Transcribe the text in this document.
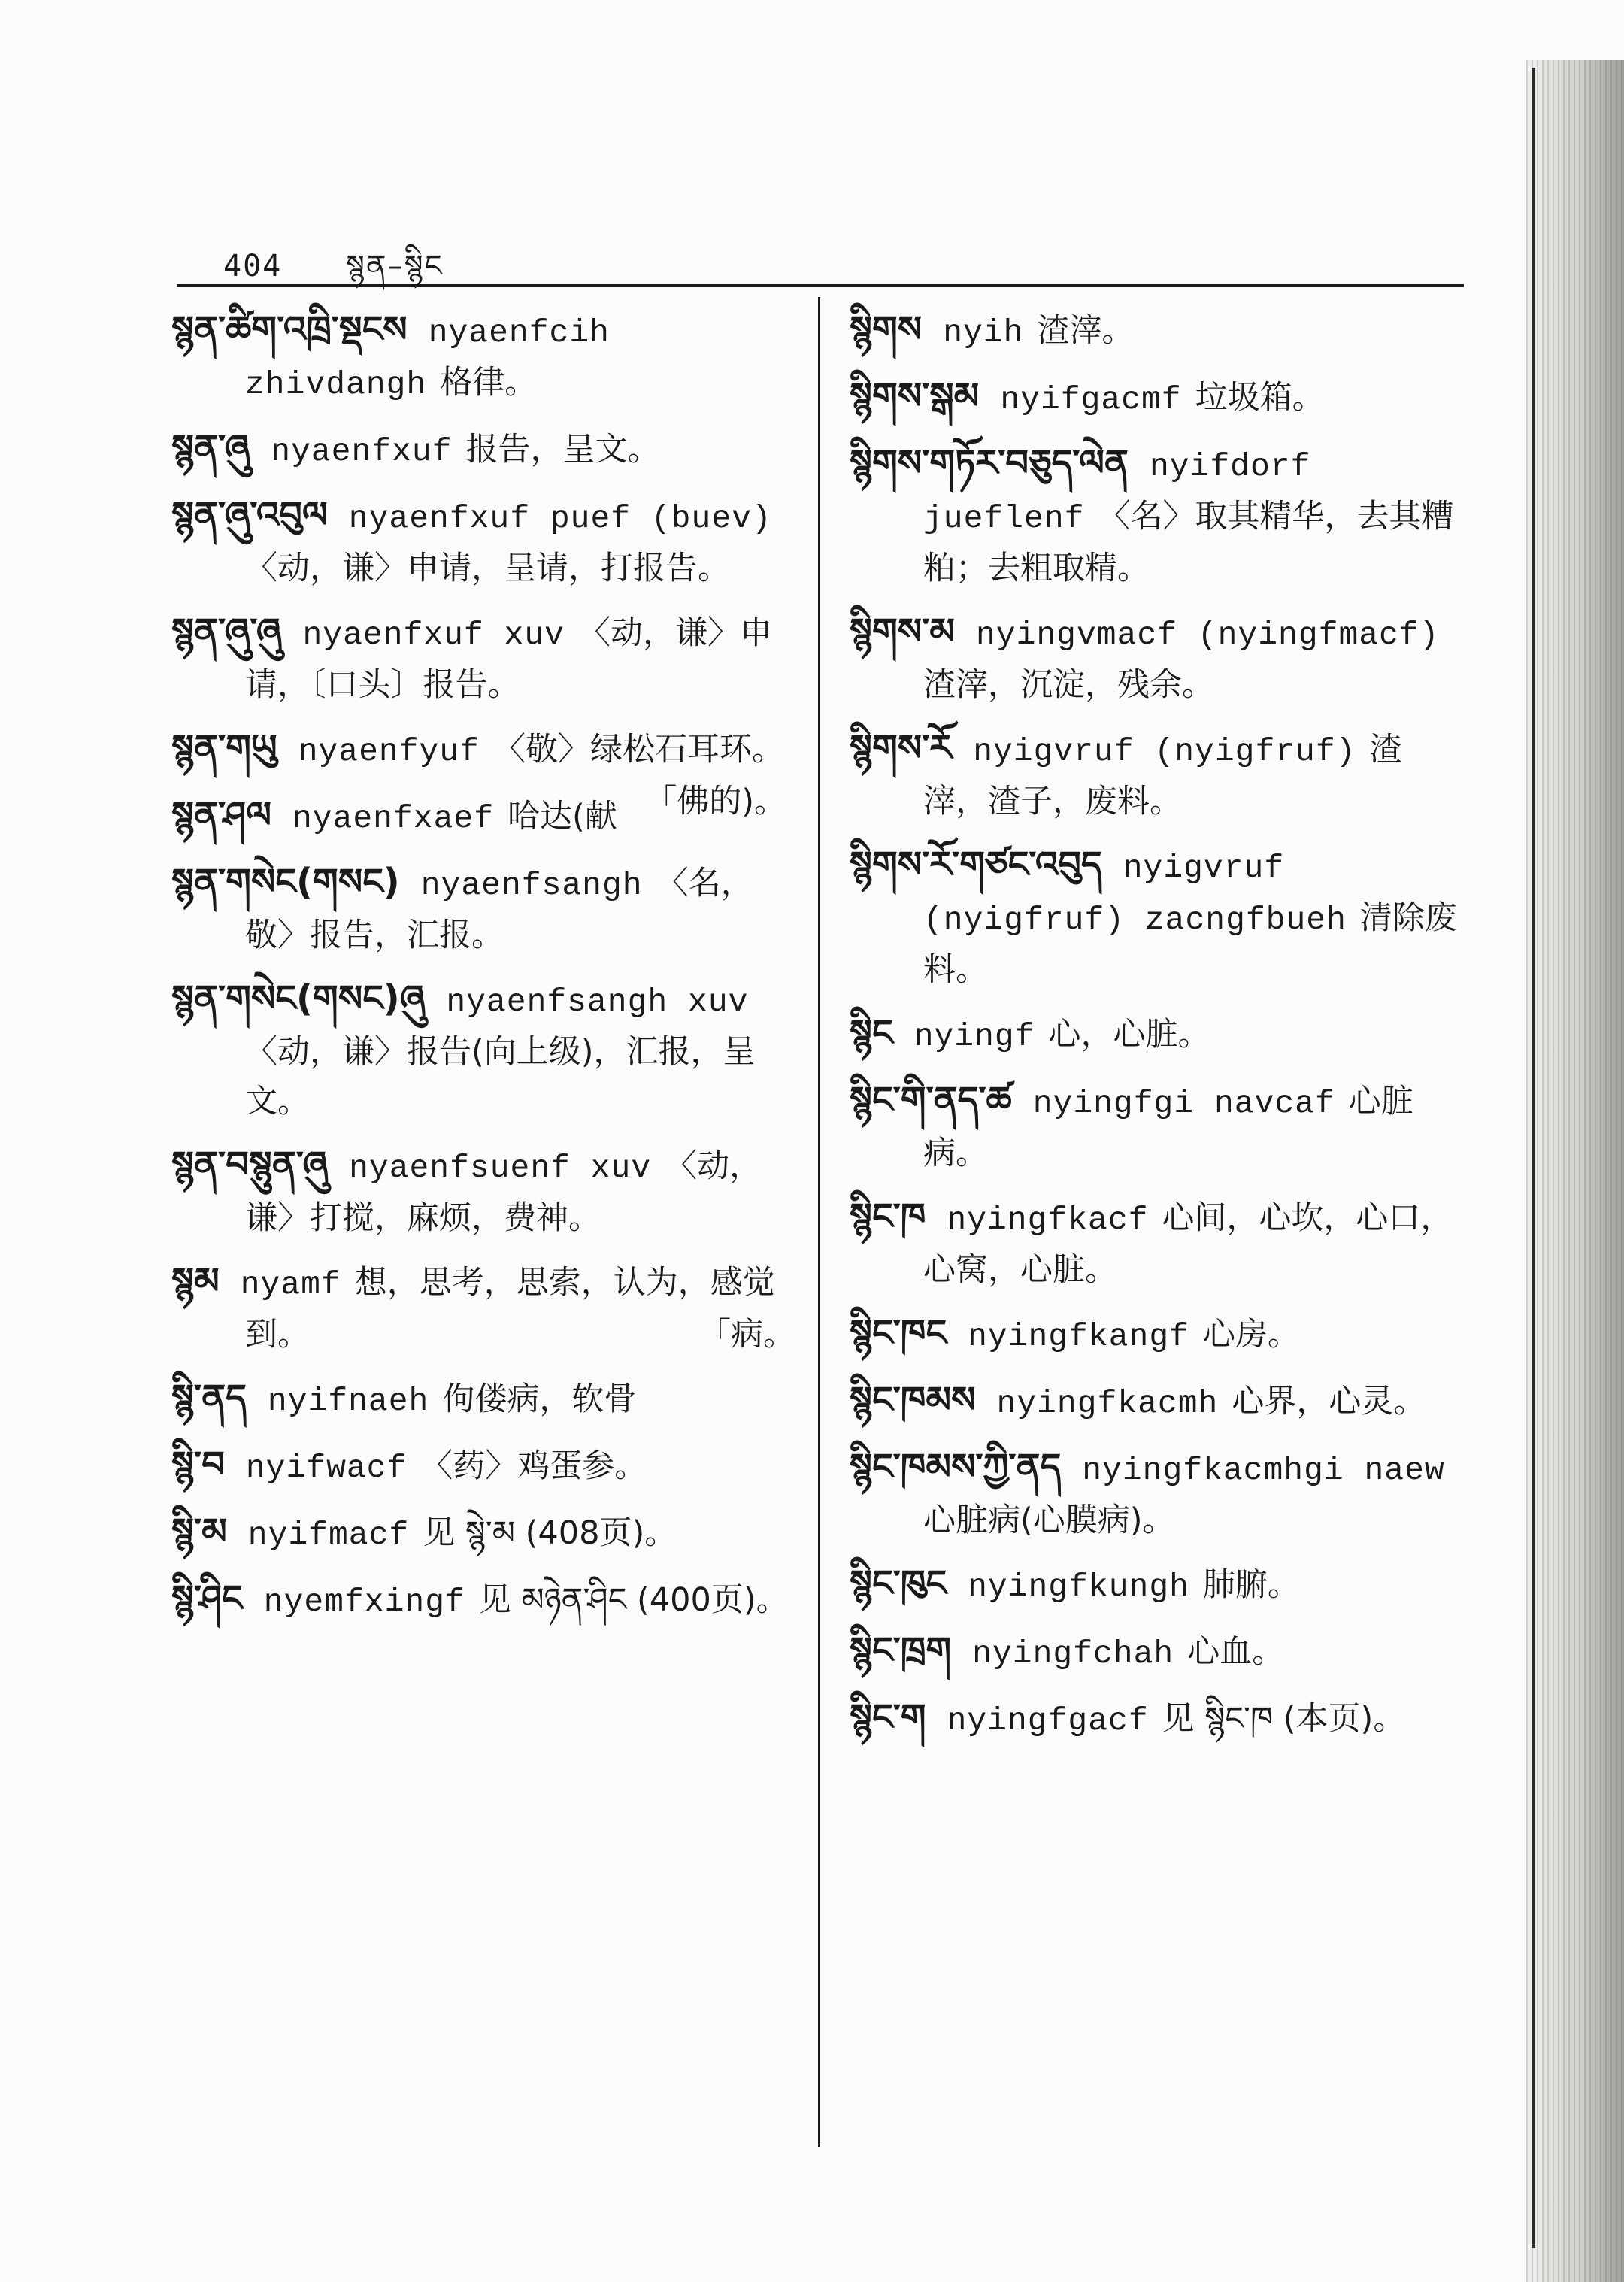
404 སྙན–སྙིང
སྙན་ཚིག་འཁྲི་སྡངས nyaenfcih zhivdangh 格律。
སྙན་ཞུ nyaenfxuf 报告，呈文。
སྙན་ཞུ་འབུལ nyaenfxuf puef (buev)〈动，谦〉申请，呈请，打报告。
སྙན་ཞུ་ཞུ nyaenfxuf xuv 〈动，谦〉申请，〔口头〕报告。
སྙན་གཡུ nyaenfyuf 〈敬〉绿松石耳环。
「佛的)。
སྙན་ཤལ nyaenfxaef 哈达(献
སྙན་གསེང(གསང) nyaenfsangh 〈名，敬〉报告，汇报。
སྙན་གསེང(གསང)ཞུ nyaenfsangh xuv〈动，谦〉报告(向上级)，汇报，呈文。
སྙན་བསྙུན་ཞུ nyaenfsuenf xuv 〈动，谦〉打搅，麻烦，费神。
སྙམ nyamf 想，思考，思索，认为，感觉到。	「病。
སྙི་ནད nyifnaeh 佝偻病，软骨
སྙི་བ nyifwacf 〈药〉鸡蛋参。
སྙི་མ nyifmacf 见 སྙེ་མ (408页)。
སྙི་ཤིང nyemfxingf 见 མཉེན་ཤིང (400页)。
སྙིགས nyih 渣滓。
སྙིགས་སྒམ nyifgacmf 垃圾箱。
སྙིགས་གཏོར་བཅུད་ལེན nyifdorf jueflenf 〈名〉取其精华，去其糟粕；去粗取精。
སྙིགས་མ nyingvmacf (nyingfmacf)渣滓，沉淀，残余。
སྙིགས་རོ nyigvruf (nyigfruf) 渣滓，渣子，废料。
སྙིགས་རོ་གཙང་འབུད nyigvruf (nyigfruf) zacngfbueh 清除废料。
སྙིང nyingf 心，心脏。
སྙིང་གི་ནད་ཚ nyingfgi navcaf 心脏病。
སྙིང་ཁ nyingfkacf 心间，心坎，心口，心窝，心脏。
སྙིང་ཁང nyingfkangf 心房。
སྙིང་ཁམས nyingfkacmh 心界，心灵。
སྙིང་ཁམས་ཀྱི་ནད nyingfkacmhgi naew心脏病(心膜病)。
སྙིང་ཁུང nyingfkungh 肺腑。
སྙིང་ཁྲག nyingfchah 心血。
སྙིང་ག nyingfgacf 见 སྙིང་ཁ (本页)。
